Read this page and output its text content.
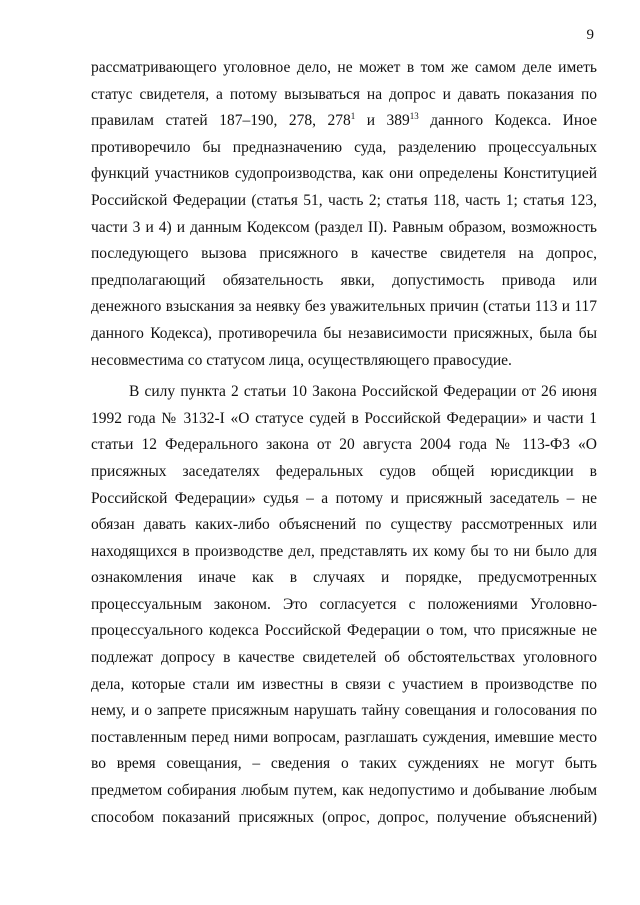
9

рассматривающего уголовное дело, не может в том же самом деле иметь статус свидетеля, а потому вызываться на допрос и давать показания по правилам статей 187–190, 278, $278^1$ и $389^{13}$ данного Кодекса. Иное противоречило бы предназначению суда, разделению процессуальных функций участников судопроизводства, как они определены Конституцией Российской Федерации (статья 51, часть 2; статья 118, часть 1; статья 123, части 3 и 4) и данным Кодексом (раздел II). Равным образом, возможность последующего вызова присяжного в качестве свидетеля на допрос, предполагающий обязательность явки, допустимость привода или денежного взыскания за неявку без уважительных причин (статьи 113 и 117 данного Кодекса), противоречила бы независимости присяжных, была бы несовместима со статусом лица, осуществляющего правосудие.

В силу пункта 2 статьи 10 Закона Российской Федерации от 26 июня 1992 года № 3132-I «О статусе судей в Российской Федерации» и части 1 статьи 12 Федерального закона от 20 августа 2004 года № 113-ФЗ «О присяжных заседателях федеральных судов общей юрисдикции в Российской Федерации» судья – а потому и присяжный заседатель – не обязан давать каких-либо объяснений по существу рассмотренных или находящихся в производстве дел, представлять их кому бы то ни было для ознакомления иначе как в случаях и порядке, предусмотренных процессуальным законом. Это согласуется с положениями Уголовно-процессуального кодекса Российской Федерации о том, что присяжные не подлежат допросу в качестве свидетелей об обстоятельствах уголовного дела, которые стали им известны в связи с участием в производстве по нему, и о запрете присяжным нарушать тайну совещания и голосования по поставленным перед ними вопросам, разглашать суждения, имевшие место во время совещания, – сведения о таких суждениях не могут быть предметом собирания любым путем, как недопустимо и добывание любым способом показаний присяжных (опрос, допрос, получение объяснений)
